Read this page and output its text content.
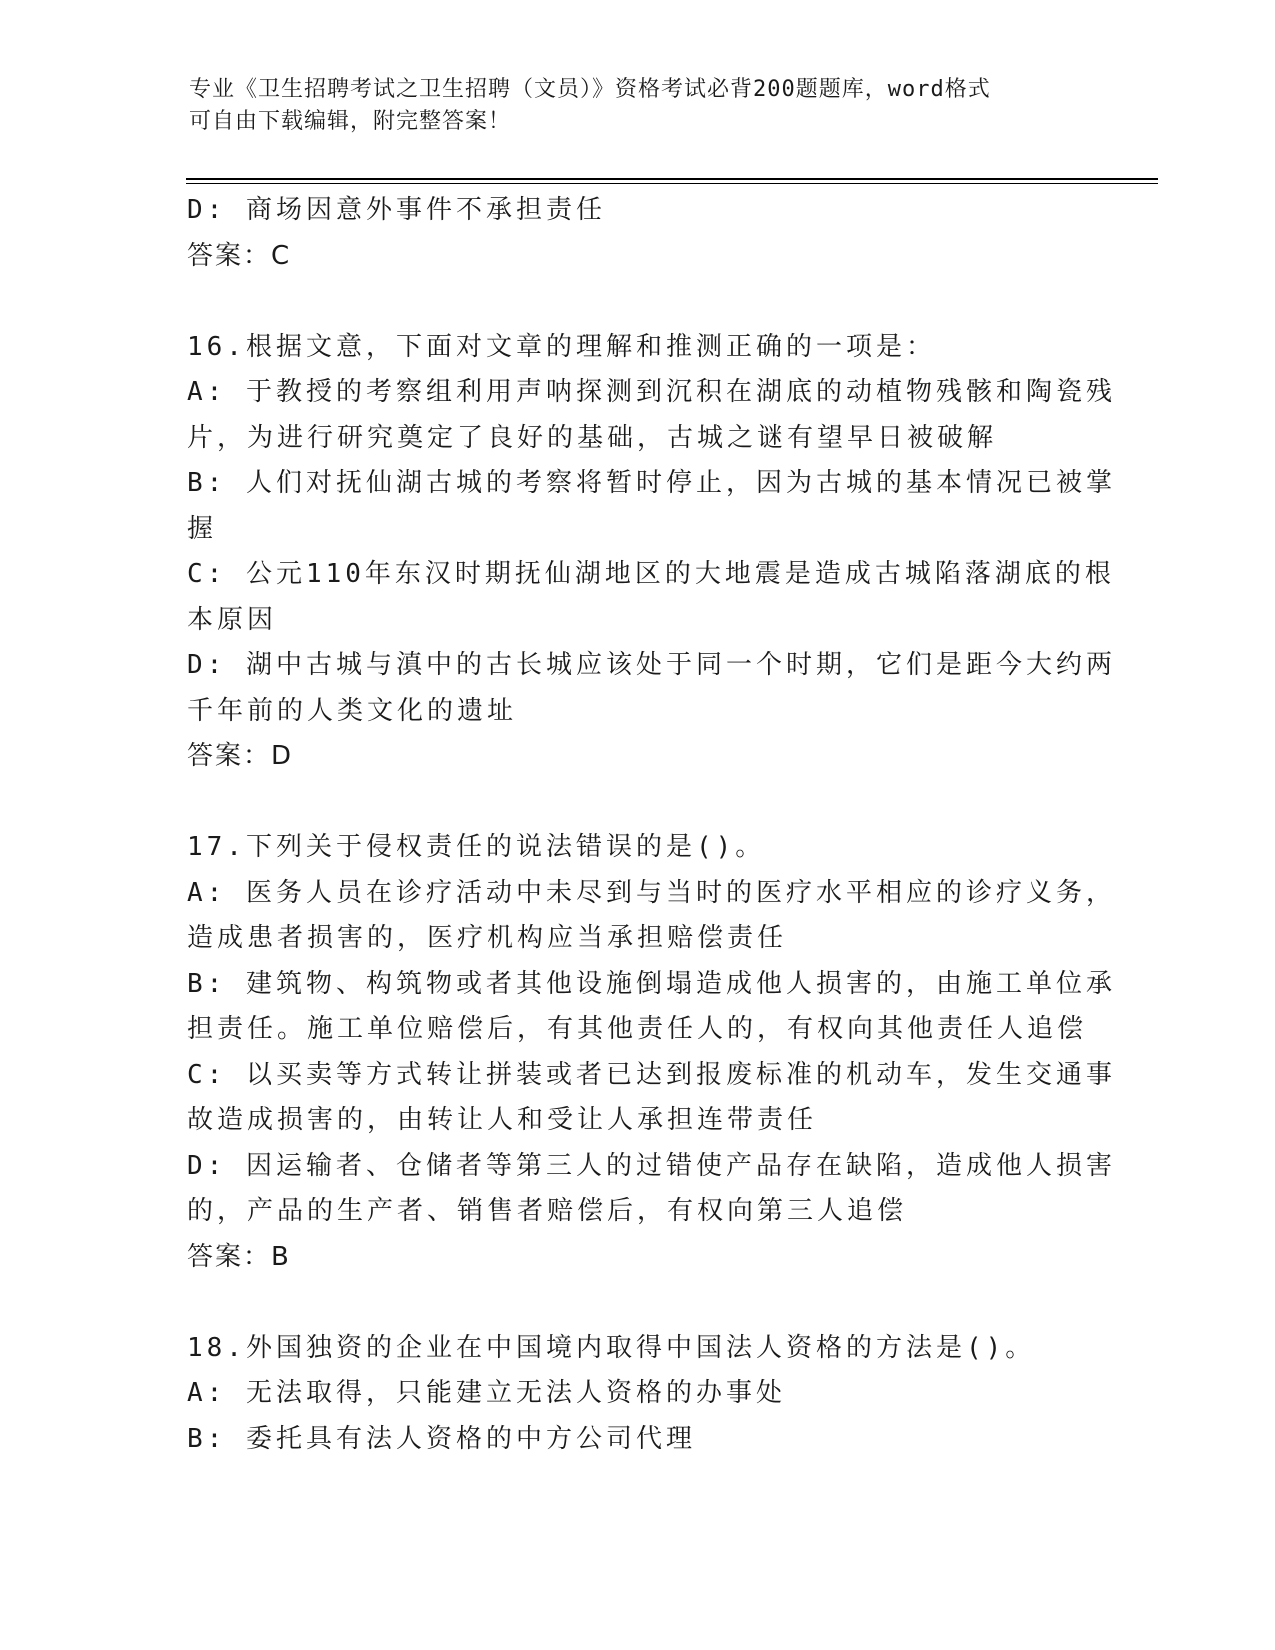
专业《卫生招聘考试之卫生招聘（文员）》资格考试必背200题题库，word格式
可自由下载编辑，附完整答案！
D: 商场因意外事件不承担责任
答案：C
16.根据文意，下面对文章的理解和推测正确的一项是：
A: 于教授的考察组利用声呐探测到沉积在湖底的动植物残骸和陶瓷残
片，为进行研究奠定了良好的基础，古城之谜有望早日被破解
B: 人们对抚仙湖古城的考察将暂时停止，因为古城的基本情况已被掌
握
C: 公元110年东汉时期抚仙湖地区的大地震是造成古城陷落湖底的根
本原因
D: 湖中古城与滇中的古长城应该处于同一个时期，它们是距今大约两
千年前的人类文化的遗址
答案：D
17.下列关于侵权责任的说法错误的是()。
A: 医务人员在诊疗活动中未尽到与当时的医疗水平相应的诊疗义务，
造成患者损害的，医疗机构应当承担赔偿责任
B: 建筑物、构筑物或者其他设施倒塌造成他人损害的，由施工单位承
担责任。施工单位赔偿后，有其他责任人的，有权向其他责任人追偿
C: 以买卖等方式转让拼装或者已达到报废标准的机动车，发生交通事
故造成损害的，由转让人和受让人承担连带责任
D: 因运输者、仓储者等第三人的过错使产品存在缺陷，造成他人损害
的，产品的生产者、销售者赔偿后，有权向第三人追偿
答案：B
18.外国独资的企业在中国境内取得中国法人资格的方法是()。
A: 无法取得，只能建立无法人资格的办事处
B: 委托具有法人资格的中方公司代理
